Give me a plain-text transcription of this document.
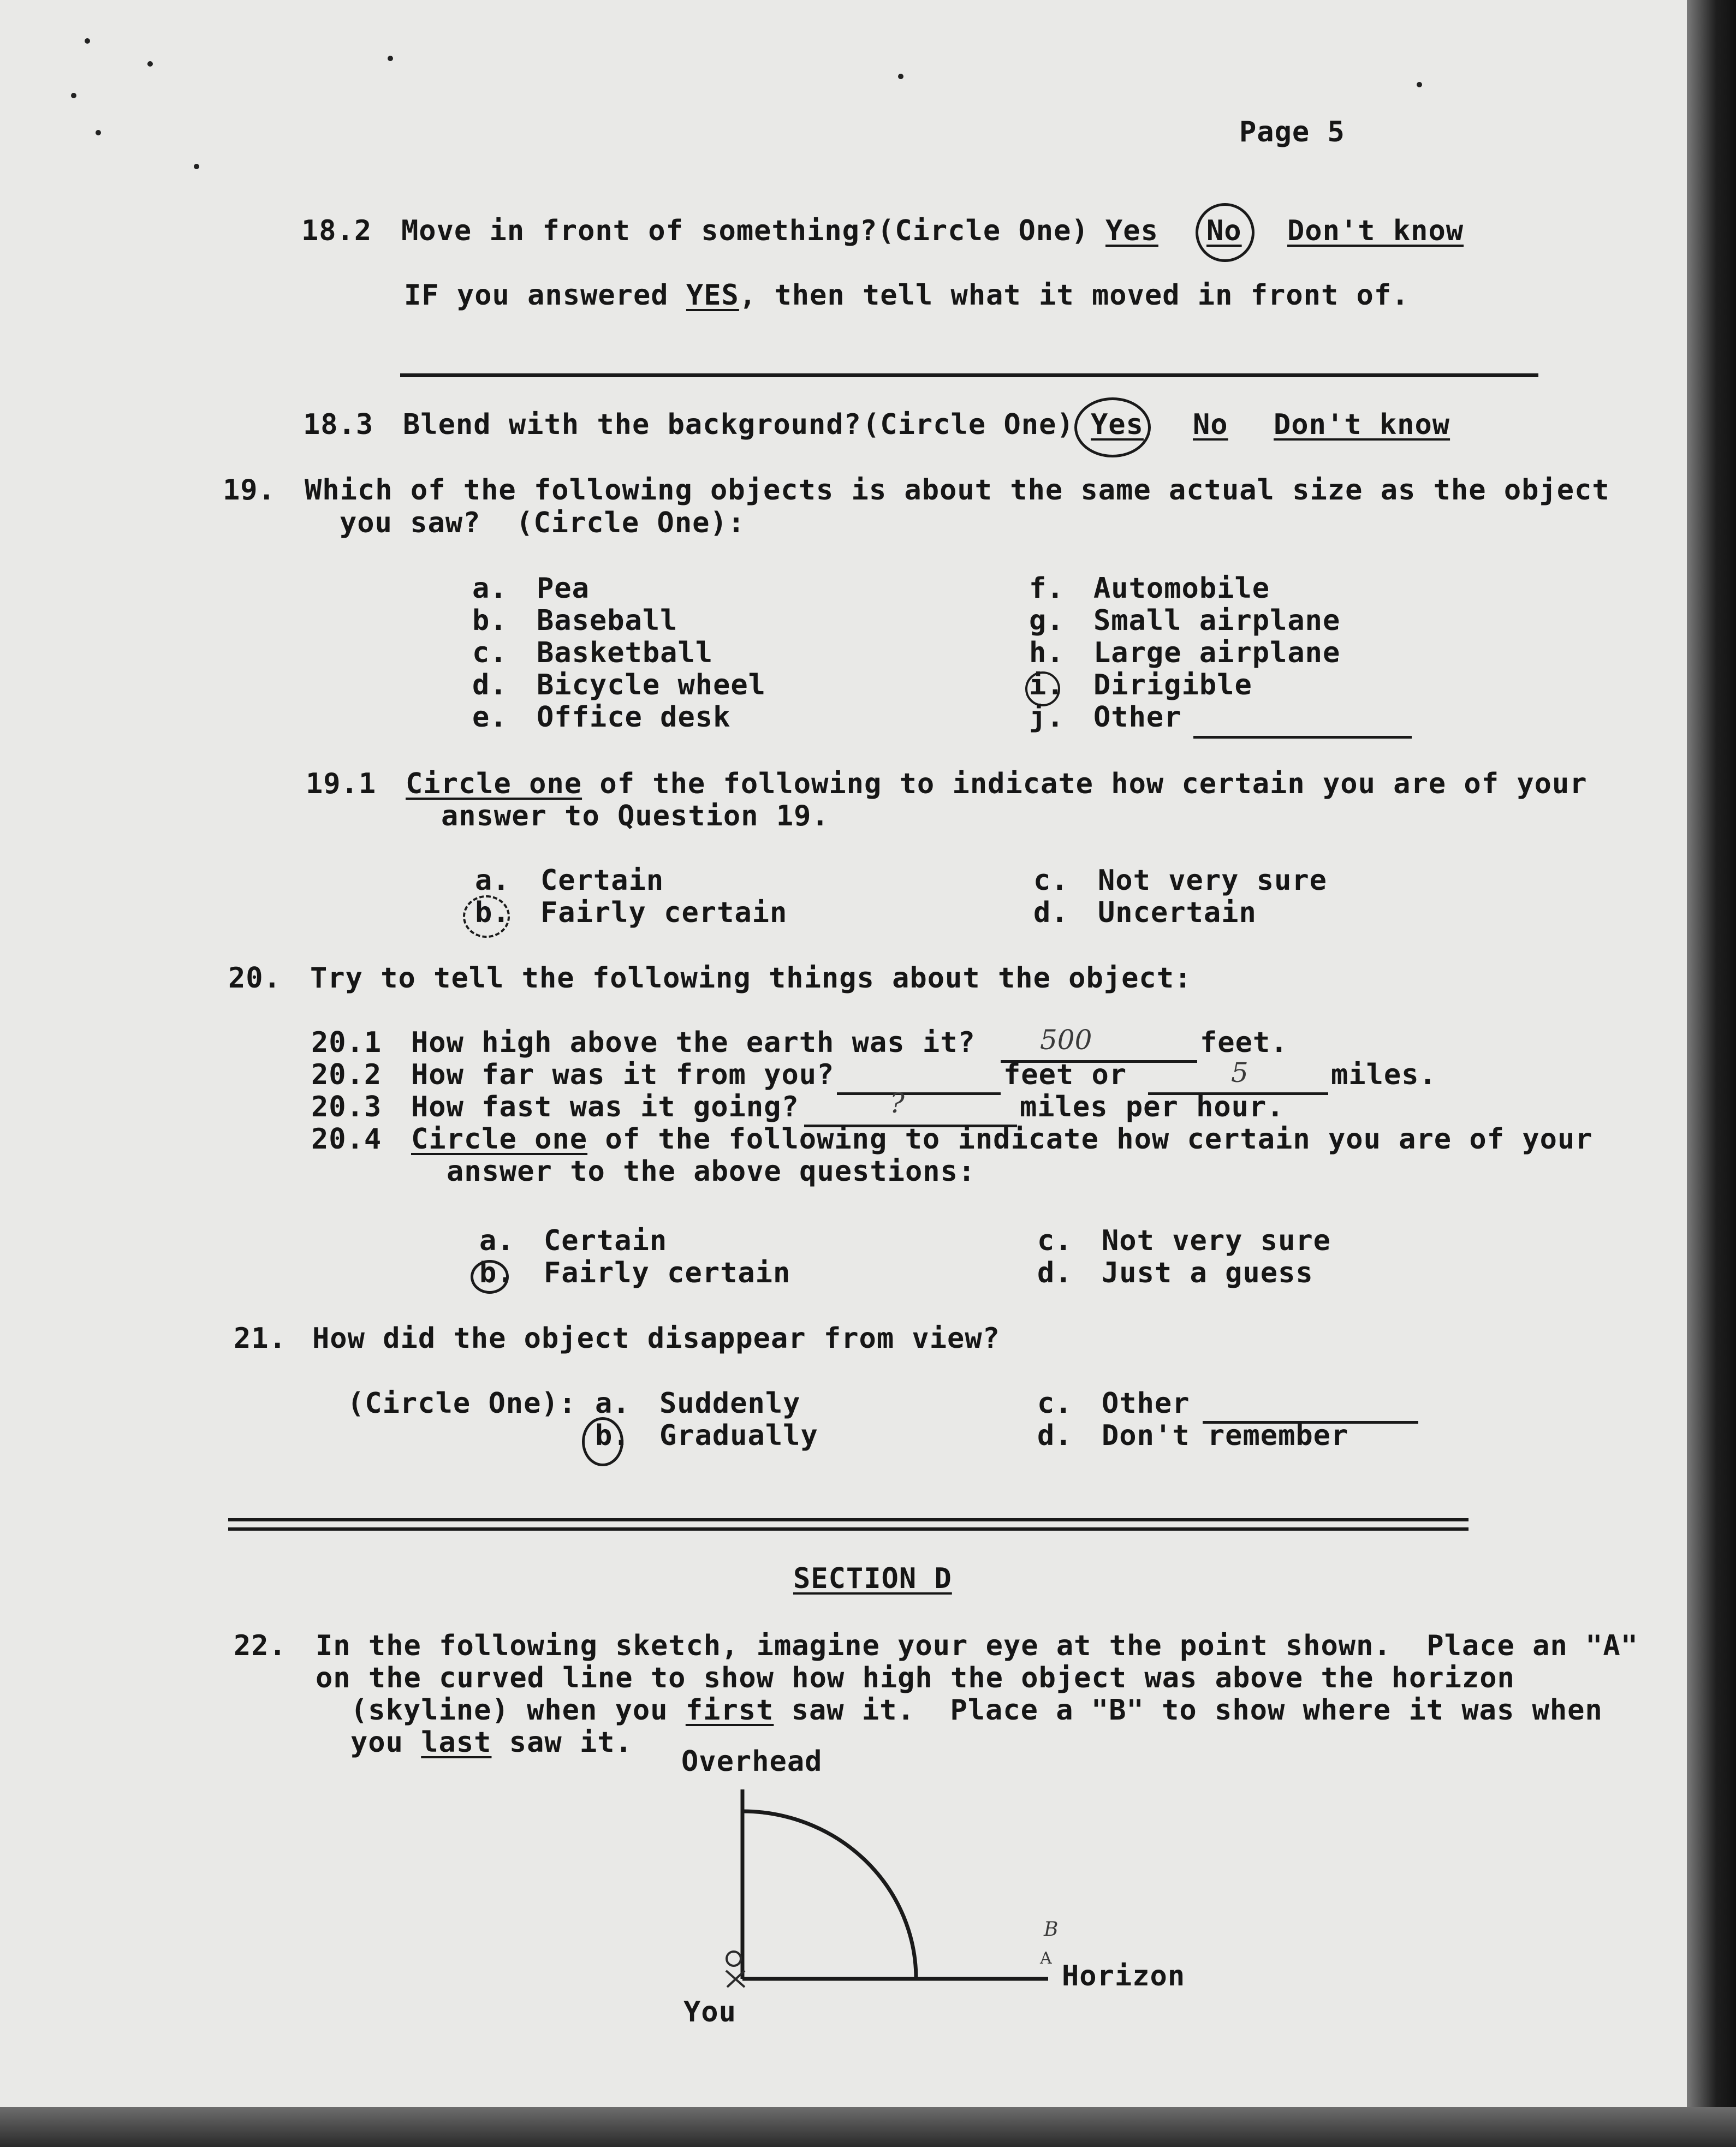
Page 5
18.2 Move in front of something? (Circle One) Yes No Don't know
IF you answered YES, then tell what it moved in front of.
18.3 Blend with the background? (Circle One) Yes No Don't know
19. Which of the following objects is about the same actual size as the object
you saw?  (Circle One):
a. Pea
b. Baseball
c. Basketball
d. Bicycle wheel
e. Office desk
f. Automobile
g. Small airplane
h. Large airplane
i. Dirigible
j. Other
19.1 Circle one of the following to indicate how certain you are of your
answer to Question 19.
a. Certain
b. Fairly certain
c. Not very sure
d. Uncertain
20. Try to tell the following things about the object:
20.1 How high above the earth was it? 500	feet.
20.2 How far was it from you?	feet or	5	miles.
20.3 How fast was it going?	?	miles per hour.
20.4 Circle one of the following to indicate how certain you are of your
answer to the above questions:
a. Certain
b. Fairly certain
c. Not very sure
d. Just a guess
21. How did the object disappear from view?
(Circle One): a. Suddenly
b. Gradually
c. Other
d. Don't remember
SECTION D
22. In the following sketch, imagine your eye at the point shown.  Place an "A"
on the curved line to show how high the object was above the horizon
(skyline) when you first saw it.  Place a "B" to show where it was when
you last saw it.
Overhead
B
A
Horizon
You
